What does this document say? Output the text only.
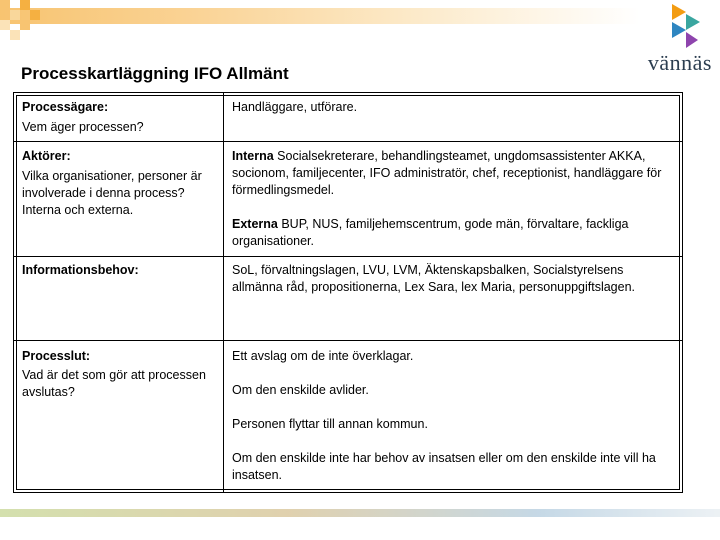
vännäs
Processkartläggning IFO Allmänt
Processägare:
Vem äger processen?
Handläggare, utförare.
Aktörer:
Vilka organisationer, personer är involverade i denna process? Interna och externa.
Interna Socialsekreterare, behandlingsteamet, ungdomsassistenter AKKA, socionom, familjecenter, IFO administratör, chef, receptionist, handläggare för förmedlingsmedel.
Externa BUP, NUS, familjehemscentrum, gode män, förvaltare, fackliga organisationer.
Informationsbehov:	SoL, förvaltningslagen, LVU, LVM, Äktenskapsbalken, Socialstyrelsens allmänna råd, propositionerna, Lex Sara, lex Maria, personuppgiftslagen.
Processlut:
Vad är det som gör att processen avslutas?
Ett avslag om de inte överklagar.
Om den enskilde avlider.
Personen flyttar till annan kommun.
Om den enskilde inte har behov av insatsen eller om den enskilde inte vill ha insatsen.
